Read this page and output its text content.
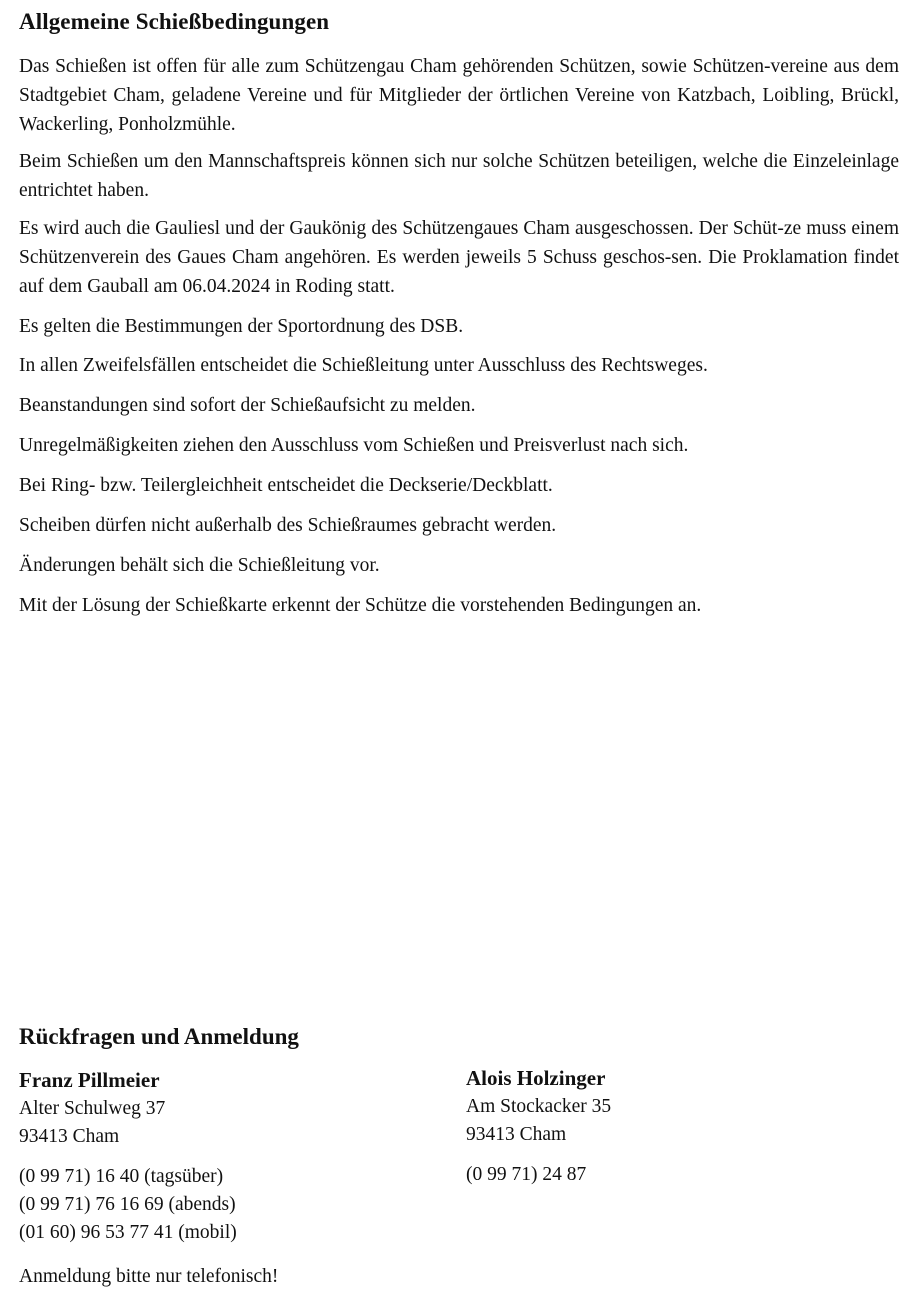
Allgemeine Schießbedingungen
Das Schießen ist offen für alle zum Schützengau Cham gehörenden Schützen, sowie Schützen-vereine aus dem Stadtgebiet Cham, geladene Vereine und für Mitglieder der örtlichen Vereine von Katzbach, Loibling, Brückl, Wackerling, Ponholzmühle.
Beim Schießen um den Mannschaftspreis können sich nur solche Schützen beteiligen, welche die Einzeleinlage entrichtet haben.
Es wird auch die Gauliesl und der Gaukönig des Schützengaues Cham ausgeschossen. Der Schüt-ze muss einem Schützenverein des Gaues Cham angehören. Es werden jeweils 5 Schuss geschos-sen. Die Proklamation findet auf dem Gauball am 06.04.2024 in Roding statt.
Es gelten die Bestimmungen der Sportordnung des DSB.
In allen Zweifelsfällen entscheidet die Schießleitung unter Ausschluss des Rechtsweges.
Beanstandungen sind sofort der Schießaufsicht zu melden.
Unregelmäßigkeiten ziehen den Ausschluss vom Schießen und Preisverlust nach sich.
Bei Ring- bzw. Teilergleichheit entscheidet die Deckserie/Deckblatt.
Scheiben dürfen nicht außerhalb des Schießraumes gebracht werden.
Änderungen behält sich die Schießleitung vor.
Mit der Lösung der Schießkarte erkennt der Schütze die vorstehenden Bedingungen an.
Rückfragen und Anmeldung
Franz Pillmeier
Alter Schulweg 37
93413 Cham
(0 99 71) 16 40 (tagsüber)
(0 99 71) 76 16 69 (abends)
(01 60) 96 53 77 41 (mobil)
Alois Holzinger
Am Stockacker 35
93413 Cham
(0 99 71) 24 87
Anmeldung bitte nur telefonisch!
